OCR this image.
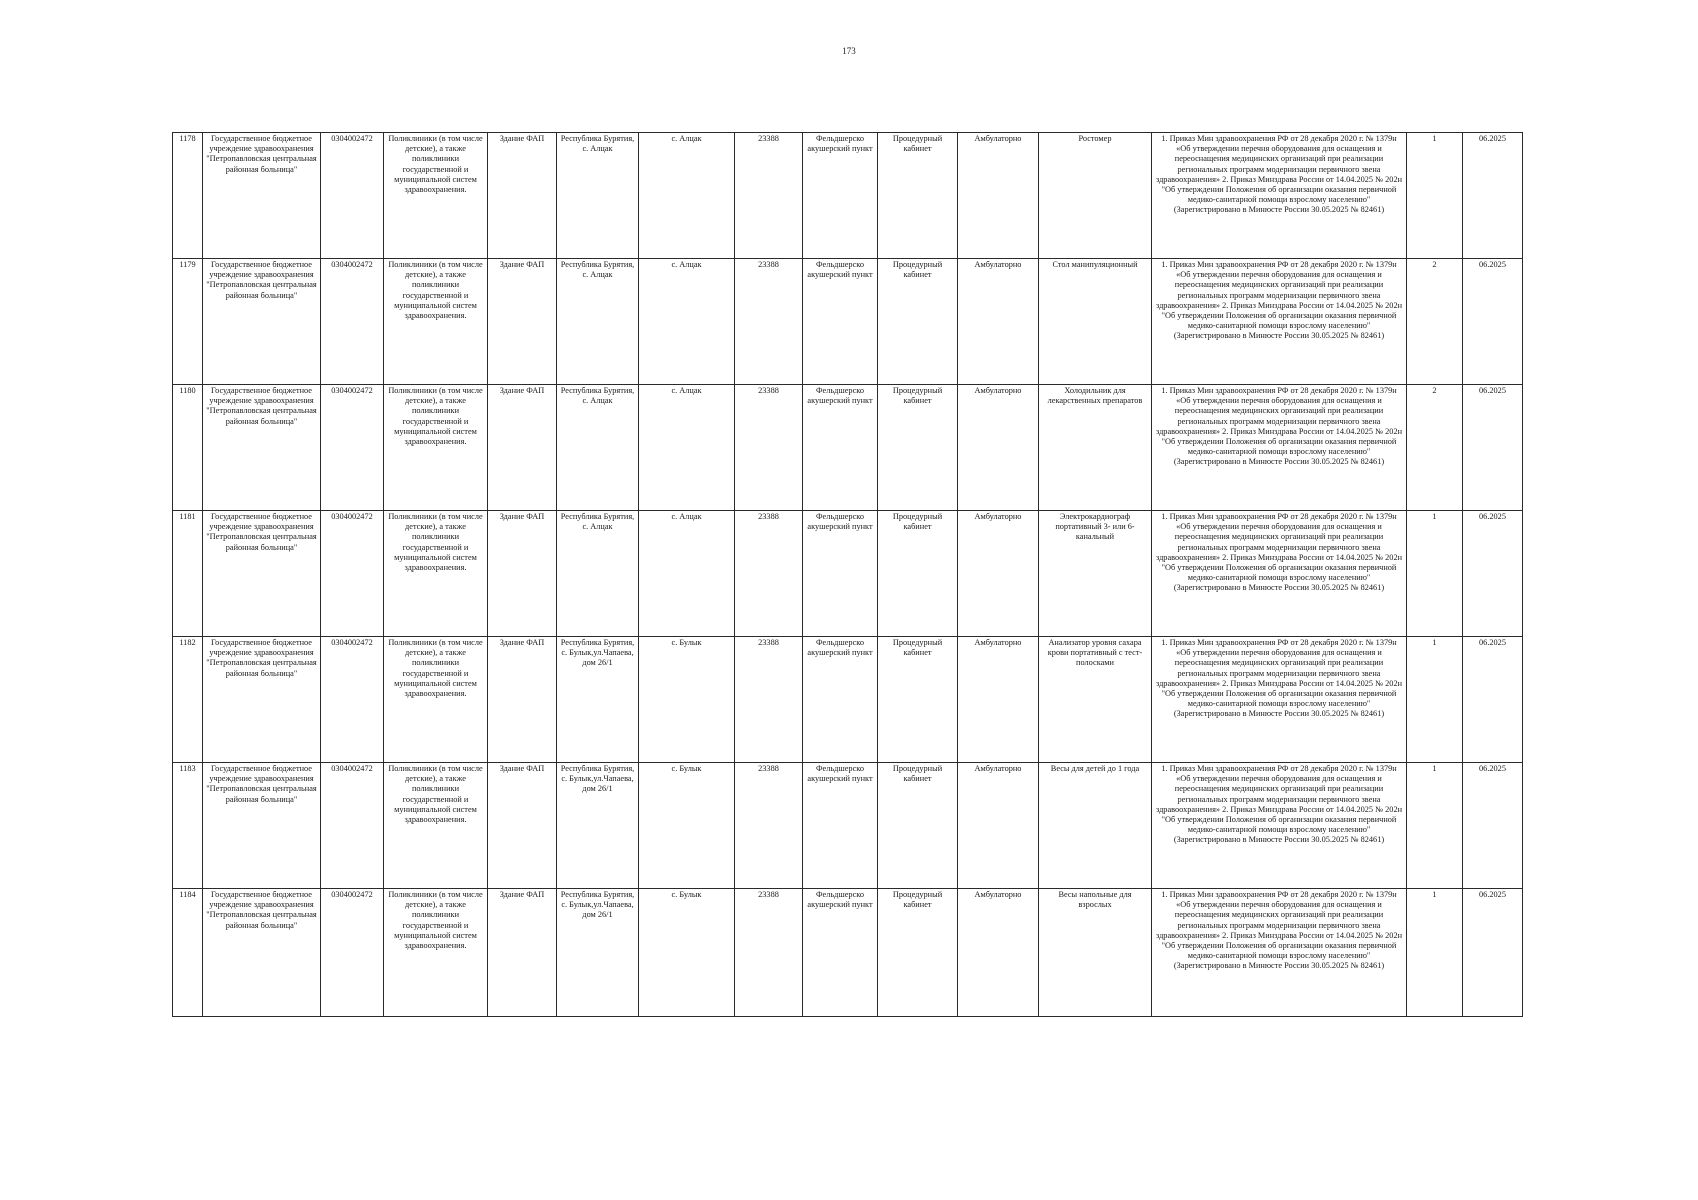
173
1178	Государственное бюджетное учреждение здравоохранения "Петропавловская центральная районная больница"	0304002472	Поликлиники (в том числе детские), а также поликлиники государственной и муниципальной систем здравоохранения.	Здание ФАП	Республика Бурятия, с. Алцак	с. Алцак	23388	Фельдшерско акушерский пункт	Процедурный кабинет	Амбулаторно	Ростомер	1. Приказ Мин здравоохранения РФ от 28 декабря 2020 г. № 1379н «Об утверждении перечня оборудования для оснащения и переоснащения медицинских организаций при реализации региональных программ модернизации первичного звена здравоохранения» 2. Приказ Минздрава России от 14.04.2025 № 202н "Об утверждении Положения об организации оказания первичной медико-санитарной помощи взрослому населению" (Зарегистрировано в Минюсте России 30.05.2025 № 82461)	1	06.2025
1179	Государственное бюджетное учреждение здравоохранения "Петропавловская центральная районная больница"	0304002472	Поликлиники (в том числе детские), а также поликлиники государственной и муниципальной систем здравоохранения.	Здание ФАП	Республика Бурятия, с. Алцак	с. Алцак	23388	Фельдшерско акушерский пункт	Процедурный кабинет	Амбулаторно	Стол манипуляционный	1. Приказ Мин здравоохранения РФ от 28 декабря 2020 г. № 1379н «Об утверждении перечня оборудования для оснащения и переоснащения медицинских организаций при реализации региональных программ модернизации первичного звена здравоохранения» 2. Приказ Минздрава России от 14.04.2025 № 202н "Об утверждении Положения об организации оказания первичной медико-санитарной помощи взрослому населению" (Зарегистрировано в Минюсте России 30.05.2025 № 82461)	2	06.2025
1180	Государственное бюджетное учреждение здравоохранения "Петропавловская центральная районная больница"	0304002472	Поликлиники (в том числе детские), а также поликлиники государственной и муниципальной систем здравоохранения.	Здание ФАП	Республика Бурятия, с. Алцак	с. Алцак	23388	Фельдшерско акушерский пункт	Процедурный кабинет	Амбулаторно	Холодильник для лекарственных препаратов	1. Приказ Мин здравоохранения РФ от 28 декабря 2020 г. № 1379н «Об утверждении перечня оборудования для оснащения и переоснащения медицинских организаций при реализации региональных программ модернизации первичного звена здравоохранения» 2. Приказ Минздрава России от 14.04.2025 № 202н "Об утверждении Положения об организации оказания первичной медико-санитарной помощи взрослому населению" (Зарегистрировано в Минюсте России 30.05.2025 № 82461)	2	06.2025
1181	Государственное бюджетное учреждение здравоохранения "Петропавловская центральная районная больница"	0304002472	Поликлиники (в том числе детские), а также поликлиники государственной и муниципальной систем здравоохранения.	Здание ФАП	Республика Бурятия, с. Алцак	с. Алцак	23388	Фельдшерско акушерский пункт	Процедурный кабинет	Амбулаторно	Электрокардиограф портативный 3- или 6-канальный	1. Приказ Мин здравоохранения РФ от 28 декабря 2020 г. № 1379н «Об утверждении перечня оборудования для оснащения и переоснащения медицинских организаций при реализации региональных программ модернизации первичного звена здравоохранения» 2. Приказ Минздрава России от 14.04.2025 № 202н "Об утверждении Положения об организации оказания первичной медико-санитарной помощи взрослому населению" (Зарегистрировано в Минюсте России 30.05.2025 № 82461)	1	06.2025
1182	Государственное бюджетное учреждение здравоохранения "Петропавловская центральная районная больница"	0304002472	Поликлиники (в том числе детские), а также поликлиники государственной и муниципальной систем здравоохранения.	Здание ФАП	Республика Бурятия, с. Булык,ул.Чапаева, дом 26/1	с. Булык	23388	Фельдшерско акушерский пункт	Процедурный кабинет	Амбулаторно	Анализатор уровня сахара крови портативный с тест-полосками	1. Приказ Мин здравоохранения РФ от 28 декабря 2020 г. № 1379н «Об утверждении перечня оборудования для оснащения и переоснащения медицинских организаций при реализации региональных программ модернизации первичного звена здравоохранения» 2. Приказ Минздрава России от 14.04.2025 № 202н "Об утверждении Положения об организации оказания первичной медико-санитарной помощи взрослому населению" (Зарегистрировано в Минюсте России 30.05.2025 № 82461)	1	06.2025
1183	Государственное бюджетное учреждение здравоохранения "Петропавловская центральная районная больница"	0304002472	Поликлиники (в том числе детские), а также поликлиники государственной и муниципальной систем здравоохранения.	Здание ФАП	Республика Бурятия, с. Булык,ул.Чапаева, дом 26/1	с. Булык	23388	Фельдшерско акушерский пункт	Процедурный кабинет	Амбулаторно	Весы для детей до 1 года	1. Приказ Мин здравоохранения РФ от 28 декабря 2020 г. № 1379н «Об утверждении перечня оборудования для оснащения и переоснащения медицинских организаций при реализации региональных программ модернизации первичного звена здравоохранения» 2. Приказ Минздрава России от 14.04.2025 № 202н "Об утверждении Положения об организации оказания первичной медико-санитарной помощи взрослому населению" (Зарегистрировано в Минюсте России 30.05.2025 № 82461)	1	06.2025
1184	Государственное бюджетное учреждение здравоохранения "Петропавловская центральная районная больница"	0304002472	Поликлиники (в том числе детские), а также поликлиники государственной и муниципальной систем здравоохранения.	Здание ФАП	Республика Бурятия, с. Булык,ул.Чапаева, дом 26/1	с. Булык	23388	Фельдшерско акушерский пункт	Процедурный кабинет	Амбулаторно	Весы напольные для взрослых	1. Приказ Мин здравоохранения РФ от 28 декабря 2020 г. № 1379н «Об утверждении перечня оборудования для оснащения и переоснащения медицинских организаций при реализации региональных программ модернизации первичного звена здравоохранения» 2. Приказ Минздрава России от 14.04.2025 № 202н "Об утверждении Положения об организации оказания первичной медико-санитарной помощи взрослому населению" (Зарегистрировано в Минюсте России 30.05.2025 № 82461)	1	06.2025
